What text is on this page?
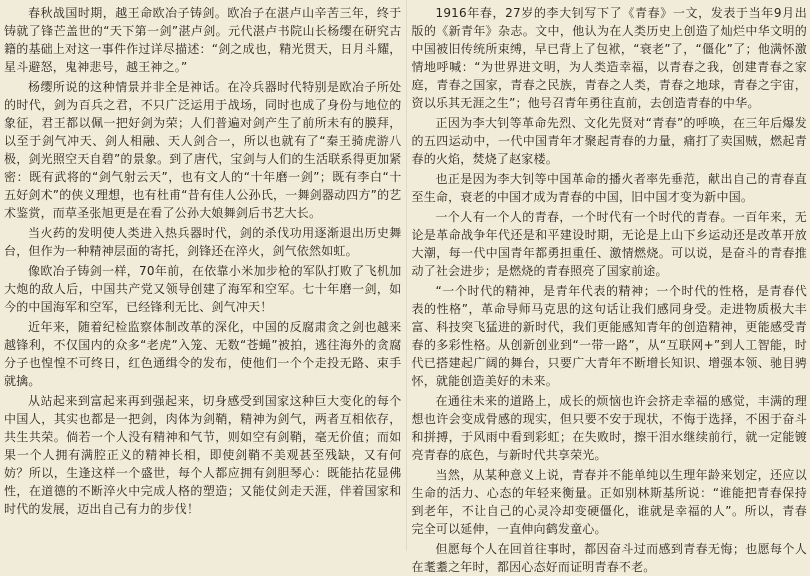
春秋战国时期，越王命欧冶子铸剑。欧冶子在湛卢山辛苦三年，终于铸就了锋芒盖世的“天下第一剑”湛卢剑。元代湛卢书院山长杨缨在研究古籍的基础上对这一事件作过详尽描述：“剑之成也，精光贯天，日月斗耀，星斗避怒，鬼神悲号，越王神之。”

杨缨所说的这种情景并非全是神话。在冷兵器时代特别是欧冶子所处的时代，剑为百兵之君，不只广泛运用于战场，同时也成了身份与地位的象征，君王都以佩一把好剑为荣；人们普遍对剑产生了前所未有的膜拜，以至于剑气冲天、剑人相融、天人剑合一，所以也就有了“秦王骑虎游八极，剑光照空天自碧”的景象。到了唐代，宝剑与人们的生活联系得更加紧密：既有武将的“剑气射云天”，也有文人的“十年磨一剑”；既有李白“十五好剑术”的侠义理想，也有杜甫“昔有佳人公孙氏，一舞剑器动四方”的艺术鉴赏，而草圣张旭更是在看了公孙大娘舞剑后书艺大长。

当火药的发明使人类进入热兵器时代，剑的杀伐功用逐渐退出历史舞台，但作为一种精神层面的寄托，剑锋还在淬火，剑气依然如虹。

像欧冶子铸剑一样，70年前，在依靠小米加步枪的军队打败了飞机加大炮的敌人后，中国共产党又领导创建了海军和空军。七十年磨一剑，如今的中国海军和空军，已经锋利无比、剑气冲天！

近年来，随着纪检监察体制改革的深化，中国的反腐肃贪之剑也越来越锋利，不仅国内的众多“老虎”入笼、无数“苍蝇”被拍，逃往海外的贪腐分子也惶惶不可终日，红色通缉令的发布，使他们一个个走投无路、束手就擒。

从站起来到富起来再到强起来，切身感受到国家这种巨大变化的每个中国人，其实也都是一把剑，肉体为剑鞘，精神为剑气，两者互相依存，共生共荣。倘若一个人没有精神和气节，则如空有剑鞘，毫无价值；而如果一个人拥有满腔正义的精神长相，即使剑鞘不美观甚至残缺，又有何妨？所以，生逢这样一个盛世，每个人都应拥有剑胆琴心：既能拈花显佛性，在道德的不断淬火中完成人格的塑造；又能仗剑走天涯，伴着国家和时代的发展，迈出自己有力的步伐！

1916年春，27岁的李大钊写下了《青春》一文，发表于当年9月出版的《新青年》杂志。文中，他认为在人类历史上创造了灿烂中华文明的中国被旧传统所束缚，早已背上了包袱，“衰老”了，“僵化”了；他满怀激情地呼喊：“为世界进文明，为人类造幸福，以青春之我，创建青春之家庭，青春之国家，青春之民族，青春之人类，青春之地球，青春之宇宙，资以乐其无涯之生”；他号召青年勇往直前，去创造青春的中华。

正因为李大钊等革命先烈、文化先贤对“青春”的呼唤，在三年后爆发的五四运动中，一代中国青年才聚起青春的力量，痛打了卖国贼，燃起青春的火焰，焚烧了赵家楼。

也正是因为李大钊等中国革命的播火者率先垂范，献出自己的青春直至生命，衰老的中国才成为青春的中国，旧中国才变为新中国。

一个人有一个人的青春，一个时代有一个时代的青春。一百年来，无论是革命战争年代还是和平建设时期，无论是上山下乡运动还是改革开放大潮，每一代中国青年都勇担重任、激情燃烧。可以说，是奋斗的青春推动了社会进步；是燃烧的青春照亮了国家前途。

“一个时代的精神，是青年代表的精神；一个时代的性格，是青春代表的性格”，革命导师马克思的这句话让我们感同身受。走进物质极大丰富、科技突飞猛进的新时代，我们更能感知青年的创造精神，更能感受青春的多彩性格。从创新创业到“一带一路”，从“互联网+”到人工智能，时代已搭建起广阔的舞台，只要广大青年不断增长知识、增强本领、驰目骋怀，就能创造美好的未来。

在通往未来的道路上，成长的烦恼也许会挤走幸福的感觉，丰满的理想也许会变成骨感的现实，但只要不安于现状，不悔于选择，不困于奋斗和拼搏，于风雨中看到彩虹；在失败时，擦干泪水继续前行，就一定能镀亮青春的底色，与新时代共享荣光。

当然，从某种意义上说，青春并不能单纯以生理年龄来划定，还应以生命的活力、心态的年轻来衡量。正如别林斯基所说：“谁能把青春保持到老年，不让自己的心灵冷却变硬僵化，谁就是幸福的人”。所以，青春完全可以延伸，一直伸向鹤发童心。

但愿每个人在回首往事时，都因奋斗过而感到青春无悔；也愿每个人在耄耋之年时，都因心态好而证明青春不老。
